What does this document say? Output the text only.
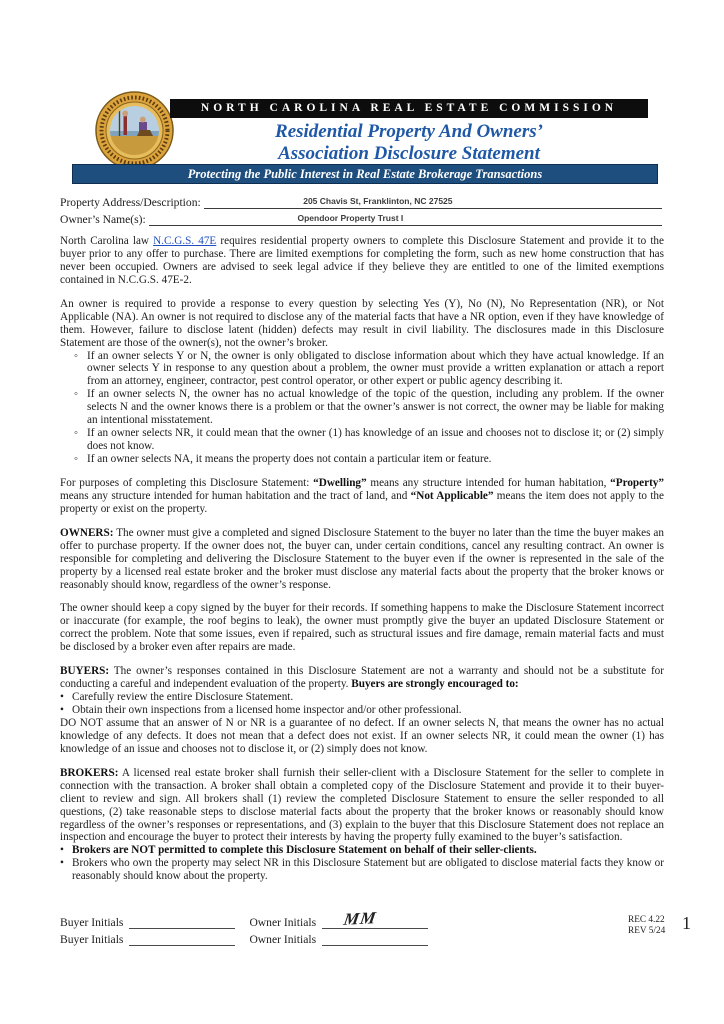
NORTH CAROLINA REAL ESTATE COMMISSION
Residential Property And Owners’
Association Disclosure Statement
Protecting the Public Interest in Real Estate Brokerage Transactions
Property Address/Description:	205 Chavis St, Franklinton, NC 27525
Owner’s Name(s):	Opendoor Property Trust I

North Carolina law N.C.G.S. 47E requires residential property owners to complete this Disclosure Statement and provide it to the buyer prior to any offer to purchase. There are limited exemptions for completing the form, such as new home construction that has never been occupied. Owners are advised to seek legal advice if they believe they are entitled to one of the limited exemptions contained in N.C.G.S. 47E-2.

An owner is required to provide a response to every question by selecting Yes (Y), No (N), No Representation (NR), or Not Applicable (NA). An owner is not required to disclose any of the material facts that have a NR option, even if they have knowledge of them. However, failure to disclose latent (hidden) defects may result in civil liability. The disclosures made in this Disclosure Statement are those of the owner(s), not the owner’s broker.

◦ If an owner selects Y or N, the owner is only obligated to disclose information about which they have actual knowledge. If an owner selects Y in response to any question about a problem, the owner must provide a written explanation or attach a report from an attorney, engineer, contractor, pest control operator, or other expert or public agency describing it.
◦ If an owner selects N, the owner has no actual knowledge of the topic of the question, including any problem. If the owner selects N and the owner knows there is a problem or that the owner’s answer is not correct, the owner may be liable for making an intentional misstatement.
◦ If an owner selects NR, it could mean that the owner (1) has knowledge of an issue and chooses not to disclose it; or (2) simply does not know.
◦ If an owner selects NA, it means the property does not contain a particular item or feature.

For purposes of completing this Disclosure Statement: “Dwelling” means any structure intended for human habitation, “Property” means any structure intended for human habitation and the tract of land, and “Not Applicable” means the item does not apply to the property or exist on the property.

OWNERS: The owner must give a completed and signed Disclosure Statement to the buyer no later than the time the buyer makes an offer to purchase property. If the owner does not, the buyer can, under certain conditions, cancel any resulting contract. An owner is responsible for completing and delivering the Disclosure Statement to the buyer even if the owner is represented in the sale of the property by a licensed real estate broker and the broker must disclose any material facts about the property that the broker knows or reasonably should know, regardless of the owner’s response.

The owner should keep a copy signed by the buyer for their records. If something happens to make the Disclosure Statement incorrect or inaccurate (for example, the roof begins to leak), the owner must promptly give the buyer an updated Disclosure Statement or correct the problem. Note that some issues, even if repaired, such as structural issues and fire damage, remain material facts and must be disclosed by a broker even after repairs are made.

BUYERS: The owner’s responses contained in this Disclosure Statement are not a warranty and should not be a substitute for conducting a careful and independent evaluation of the property. Buyers are strongly encouraged to:

• Carefully review the entire Disclosure Statement.
• Obtain their own inspections from a licensed home inspector and/or other professional.

DO NOT assume that an answer of N or NR is a guarantee of no defect. If an owner selects N, that means the owner has no actual knowledge of any defects. It does not mean that a defect does not exist. If an owner selects NR, it could mean the owner (1) has knowledge of an issue and chooses not to disclose it, or (2) simply does not know.

BROKERS: A licensed real estate broker shall furnish their seller-client with a Disclosure Statement for the seller to complete in connection with the transaction. A broker shall obtain a completed copy of the Disclosure Statement and provide it to their buyer-client to review and sign. All brokers shall (1) review the completed Disclosure Statement to ensure the seller responded to all questions, (2) take reasonable steps to disclose material facts about the property that the broker knows or reasonably should know regardless of the owner’s responses or representations, and (3) explain to the buyer that this Disclosure Statement does not replace an inspection and encourage the buyer to protect their interests by having the property fully examined to the buyer’s satisfaction.

• Brokers are NOT permitted to complete this Disclosure Statement on behalf of their seller-clients.
• Brokers who own the property may select NR in this Disclosure Statement but are obligated to disclose material facts they know or reasonably should know about the property.
Buyer Initials	Owner Initials MM
Buyer Initials	Owner Initials
REC 4.22
REV 5/24 1
